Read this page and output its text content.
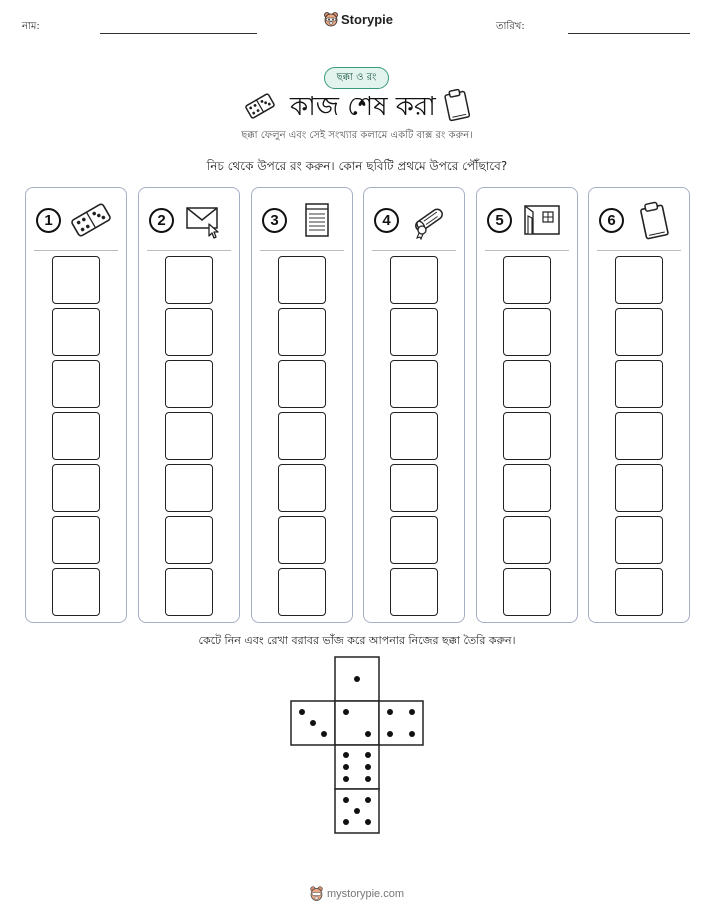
নাম:	Storypie	তারিখ:
ছক্কা ও রং
কাজ শেষ করা
ছক্কা ফেলুন এবং সেই সংখ্যার কলামে একটি বাক্স রং করুন।
নিচ থেকে উপরে রং করুন। কোন ছবিটি প্রথমে উপরে পৌঁছাবে?
1	2	3	4	5	6
কেটে নিন এবং রেখা বরাবর ভাঁজ করে আপনার নিজের ছক্কা তৈরি করুন।
mystorypie.com
